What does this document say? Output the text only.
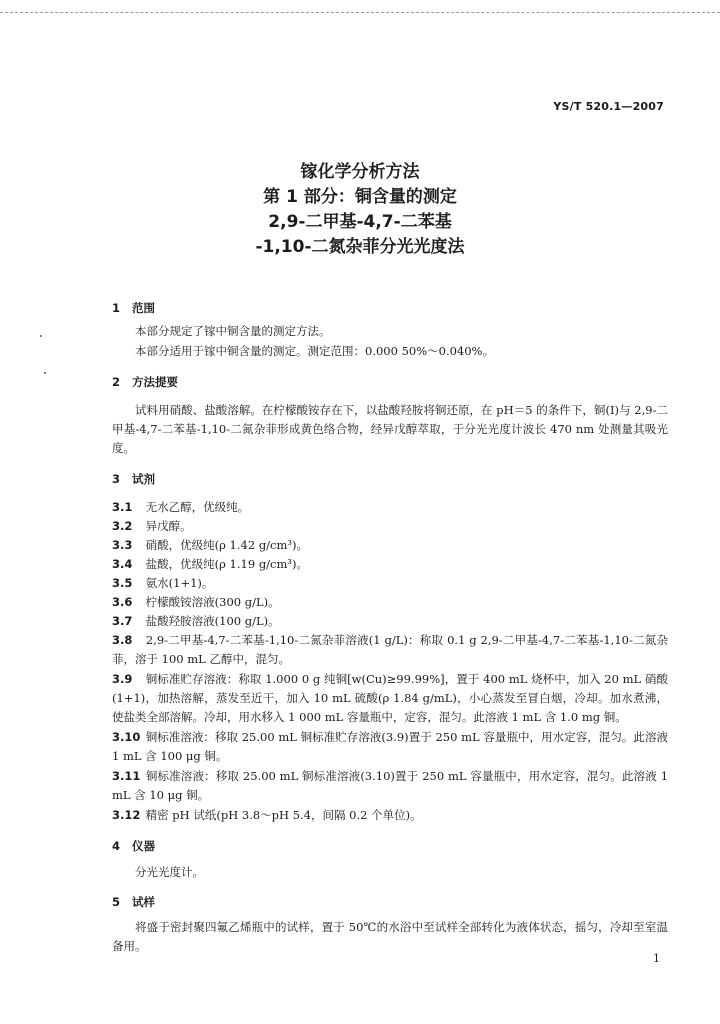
YS/T 520.1—2007
镓化学分析方法
第 1 部分：铜含量的测定
2,9-二甲基-4,7-二苯基
-1,10-二氮杂菲分光光度法
1 范围
本部分规定了镓中铜含量的测定方法。
本部分适用于镓中铜含量的测定。测定范围：0.000 50%～0.040%。
2 方法提要
试料用硝酸、盐酸溶解。在柠檬酸铵存在下，以盐酸羟胺将铜还原，在 pH＝5 的条件下，铜(Ⅰ)与 2,9-二甲基-4,7-二苯基-1,10-二氮杂菲形成黄色络合物，经异戊醇萃取，于分光光度计波长 470 nm 处测量其吸光度。
3 试剂
3.1 无水乙醇，优级纯。
3.2 异戊醇。
3.3 硝酸，优级纯(ρ 1.42 g/cm³)。
3.4 盐酸，优级纯(ρ 1.19 g/cm³)。
3.5 氨水(1+1)。
3.6 柠檬酸铵溶液(300 g/L)。
3.7 盐酸羟胺溶液(100 g/L)。
3.8 2,9-二甲基-4,7-二苯基-1,10-二氮杂菲溶液(1 g/L)：称取 0.1 g 2,9-二甲基-4,7-二苯基-1,10-二氮杂菲，溶于 100 mL 乙醇中，混匀。
3.9 铜标准贮存溶液：称取 1.000 0 g 纯铜[w(Cu)≥99.99%]，置于 400 mL 烧杯中，加入 20 mL 硝酸(1+1)，加热溶解，蒸发至近干，加入 10 mL 硫酸(ρ 1.84 g/mL)，小心蒸发至冒白烟，冷却。加水煮沸，使盐类全部溶解。冷却，用水移入 1 000 mL 容量瓶中，定容，混匀。此溶液 1 mL 含 1.0 mg 铜。
3.10 铜标准溶液：移取 25.00 mL 铜标准贮存溶液(3.9)置于 250 mL 容量瓶中，用水定容，混匀。此溶液 1 mL 含 100 μg 铜。
3.11 铜标准溶液：移取 25.00 mL 铜标准溶液(3.10)置于 250 mL 容量瓶中，用水定容，混匀。此溶液 1 mL 含 10 μg 铜。
3.12 精密 pH 试纸(pH 3.8～pH 5.4，间隔 0.2 个单位)。
4 仪器
分光光度计。
5 试样
将盛于密封聚四氟乙烯瓶中的试样，置于 50℃的水浴中至试样全部转化为液体状态，摇匀，冷却至室温备用。
1
